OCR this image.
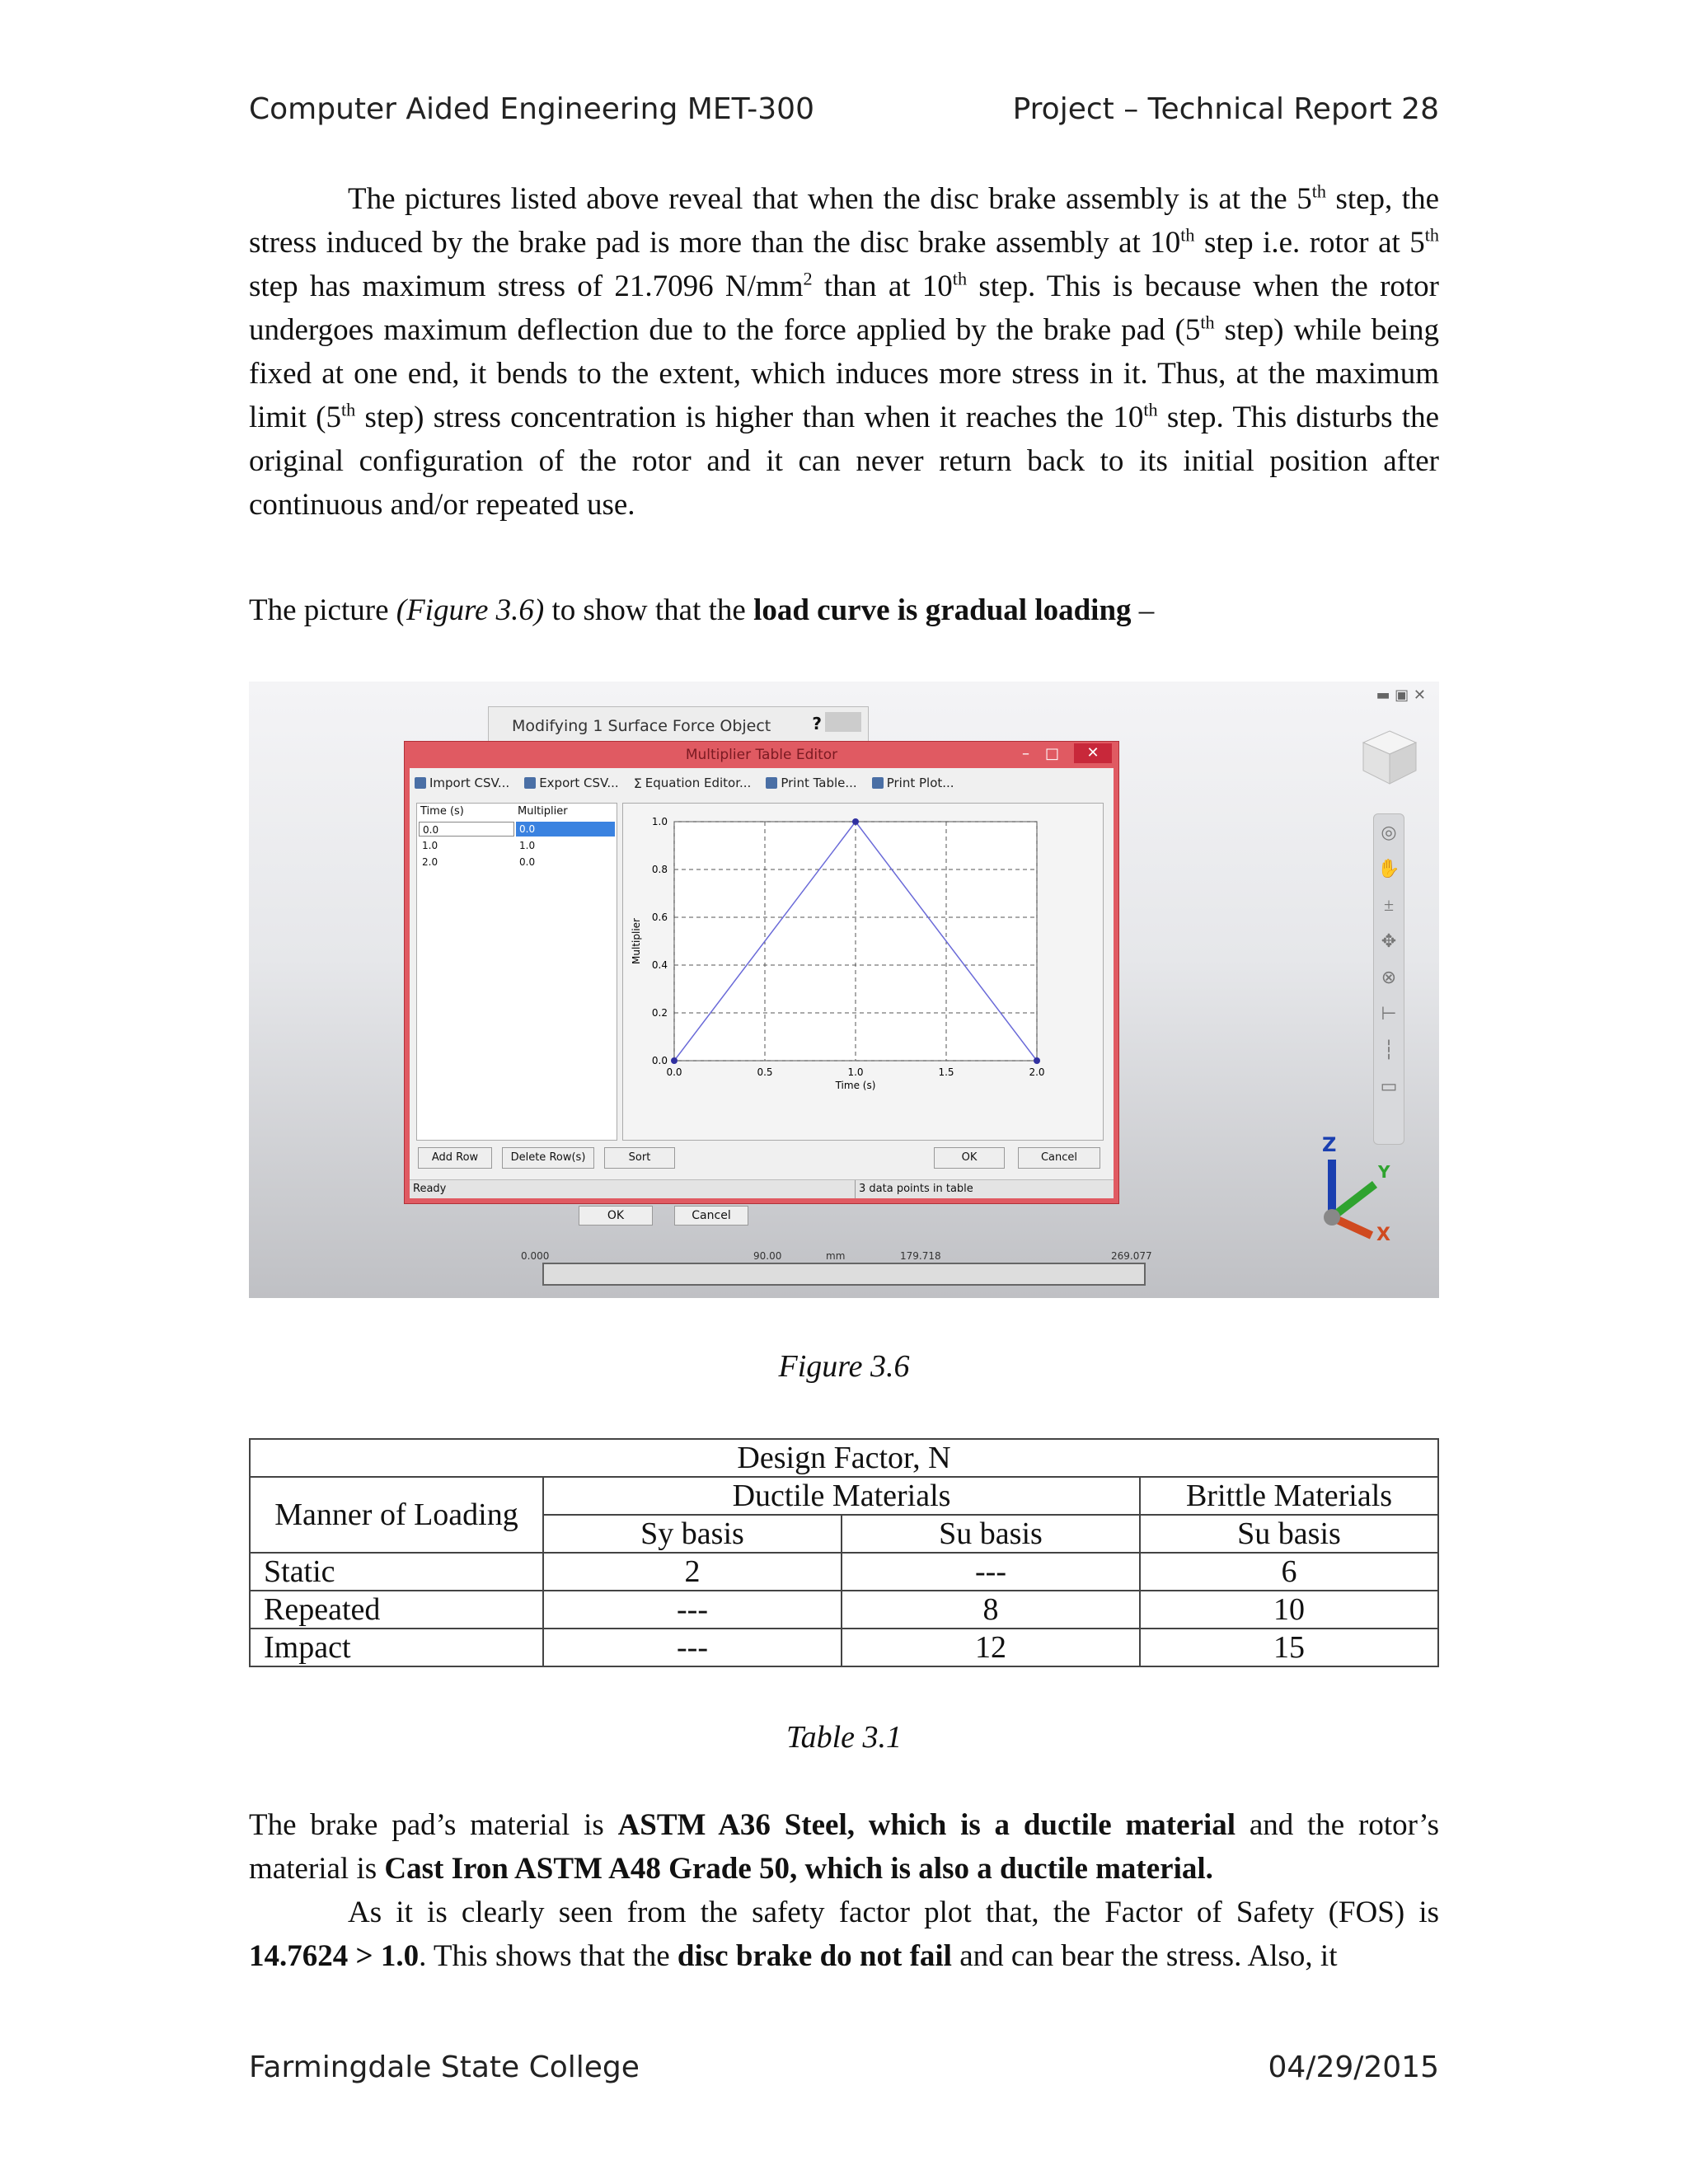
Computer Aided Engineering MET-300	Project – Technical Report 28

The pictures listed above reveal that when the disc brake assembly is at the 5th step, the stress induced by the brake pad is more than the disc brake assembly at 10th step i.e. rotor at 5th step has maximum stress of 21.7096 $N/mm^2$ than at 10th step. This is because when the rotor undergoes maximum deflection due to the force applied by the brake pad (5th step) while being fixed at one end, it bends to the extent, which induces more stress in it. Thus, at the maximum limit (5th step) stress concentration is higher than when it reaches the 10th step. This disturbs the original configuration of the rotor and it can never return back to its initial position after continuous and/or repeated use.

The picture (Figure 3.6) to show that the load curve is gradual loading –

▬ ▣ ✕
◎
✋
±
✥
⊗
⊢
┆
▭
Z
Y
X
Modifying 1 Surface Force Object	?
OK	Cancel
0.000	90.00	mm	179.718	269.077
Multiplier Table Editor	– □	✕
Import CSV... Export CSV... Σ Equation Editor... Print Table... Print Plot...
Time (s)	Multiplier
0.0	0.0
1.0	1.0
2.0	0.0
0.0	0.5	1.0	1.5	2.0
0.0
0.2
0.4
0.6
0.8
1.0
Time (s)
Multiplier
Add Row	Delete Row(s)	Sort	OK	Cancel
Ready	3 data points in table
Figure 3.6
Design Factor, N			
Manner of Loading	Ductile Materials		Brittle Materials
	Sy basis	Su basis	Su basis
Static	2	---	6
Repeated	---	8	10
Impact	---	12	15
Table 3.1

The brake pad’s material is ASTM A36 Steel, which is a ductile material and the rotor’s material is Cast Iron ASTM A48 Grade 50, which is also a ductile material.

As it is clearly seen from the safety factor plot that, the Factor of Safety (FOS) is 14.7624 > 1.0. This shows that the disc brake do not fail and can bear the stress. Also, it

Farmingdale State College	04/29/2015
